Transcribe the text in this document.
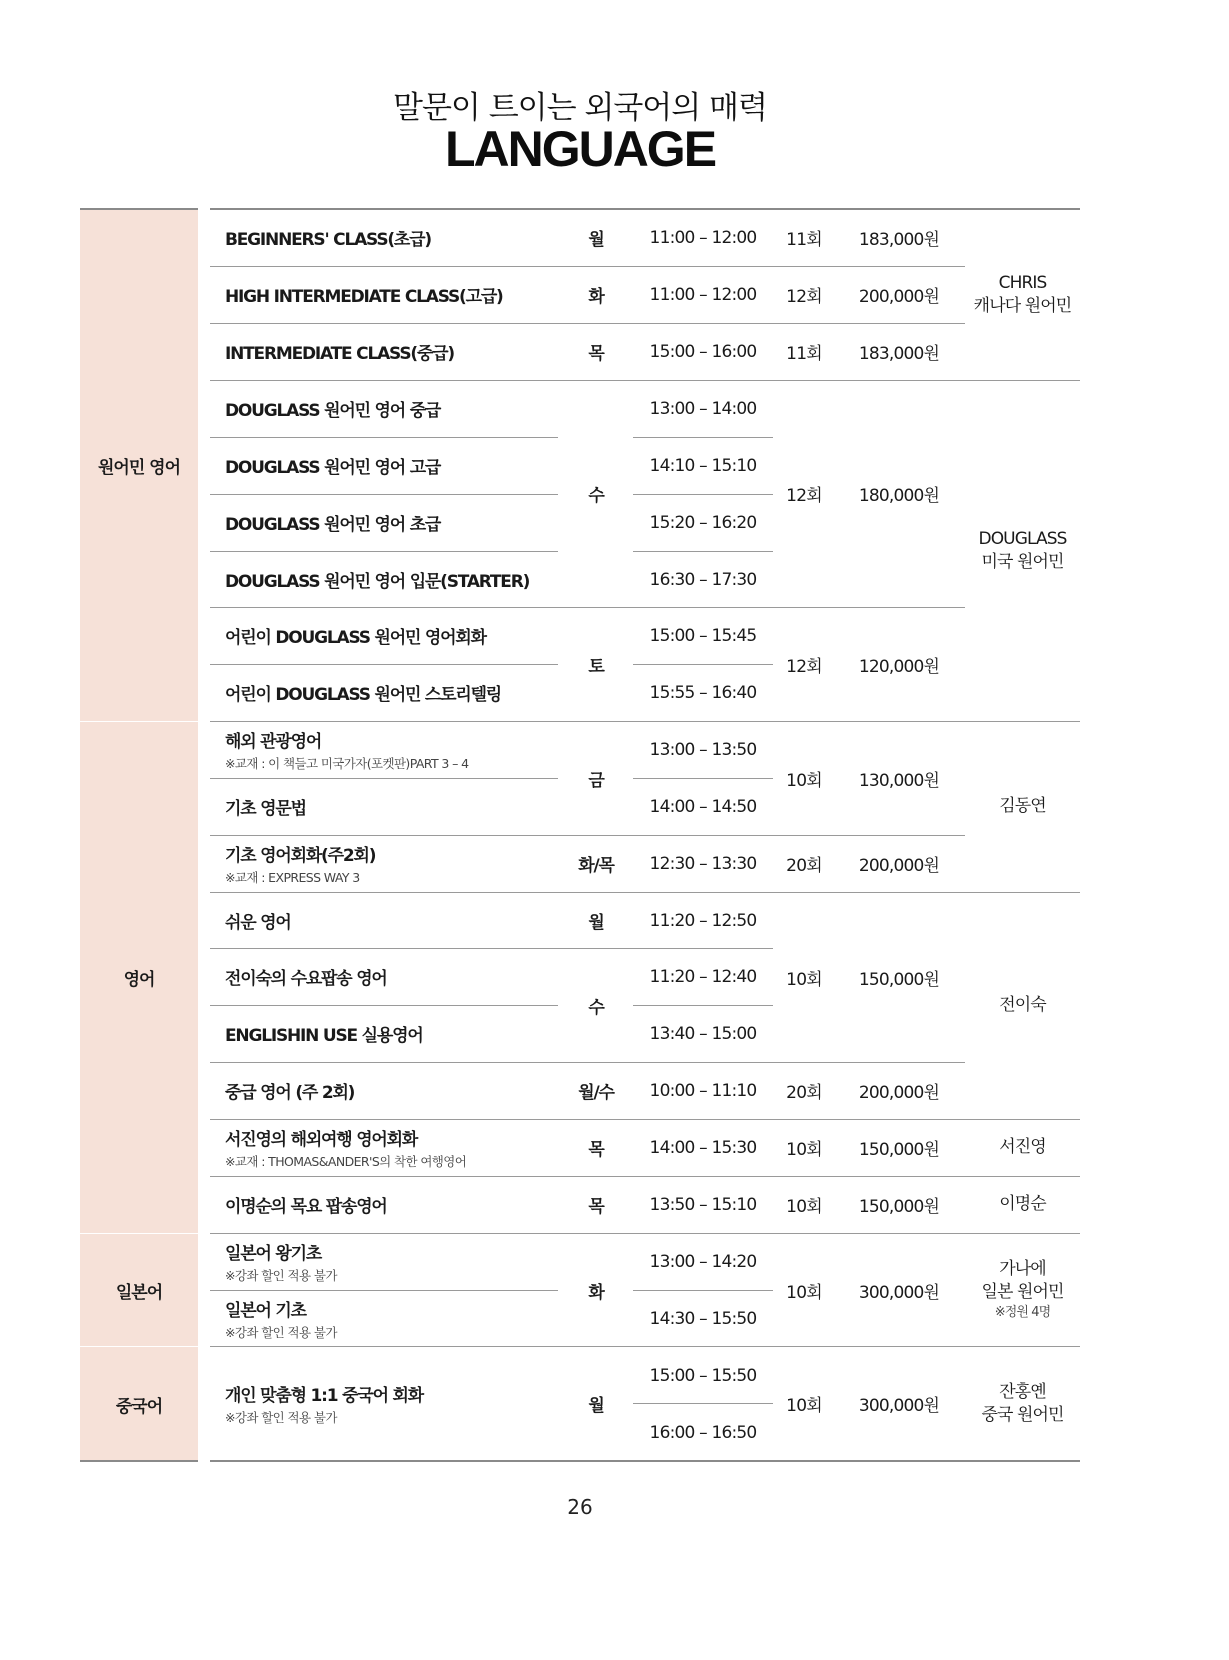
말문이 트이는 외국어의 매력
LANGUAGE
원어민 영어
영어
일본어
중국어
BEGINNERS' CLASS(초급)
HIGH INTERMEDIATE CLASS(고급)
INTERMEDIATE CLASS(중급)
DOUGLASS 원어민 영어 중급
DOUGLASS 원어민 영어 고급
DOUGLASS 원어민 영어 초급
DOUGLASS 원어민 영어 입문(STARTER)
어린이 DOUGLASS 원어민 영어회화
어린이 DOUGLASS 원어민 스토리텔링
해외 관광영어
※교재 : 이 책들고 미국가자(포켓판)PART 3 – 4
기초 영문법
기초 영어회화(주2회)
※교재 : EXPRESS WAY 3
쉬운 영어
전이숙의 수요팝송 영어
ENGLISHIN USE 실용영어
중급 영어 (주 2회)
서진영의 해외여행 영어회화
※교재 : THOMAS&ANDER'S의 착한 여행영어
이명순의 목요 팝송영어
일본어 왕기초
※강좌 할인 적용 불가
일본어 기초
※강좌 할인 적용 불가
개인 맞춤형 1:1 중국어 회화
※강좌 할인 적용 불가
월
화
목
수
토
금
화/목
월
수
월/수
목
목
화
월
11:00 – 12:00
11:00 – 12:00
15:00 – 16:00
13:00 – 14:00
14:10 – 15:10
15:20 – 16:20
16:30 – 17:30
15:00 – 15:45
15:55 – 16:40
13:00 – 13:50
14:00 – 14:50
12:30 – 13:30
11:20 – 12:50
11:20 – 12:40
13:40 – 15:00
10:00 – 11:10
14:00 – 15:30
13:50 – 15:10
13:00 – 14:20
14:30 – 15:50
15:00 – 15:50
16:00 – 16:50
11회
12회
11회
12회
12회
10회
20회
10회
20회
10회
10회
10회
10회
183,000원
200,000원
183,000원
180,000원
120,000원
130,000원
200,000원
150,000원
200,000원
150,000원
150,000원
300,000원
300,000원
CHRIS
캐나다 원어민
DOUGLASS
미국 원어민
김동연
전이숙
서진영
이명순
가나에
일본 원어민
※정원 4명
잔홍옌
중국 원어민
26
